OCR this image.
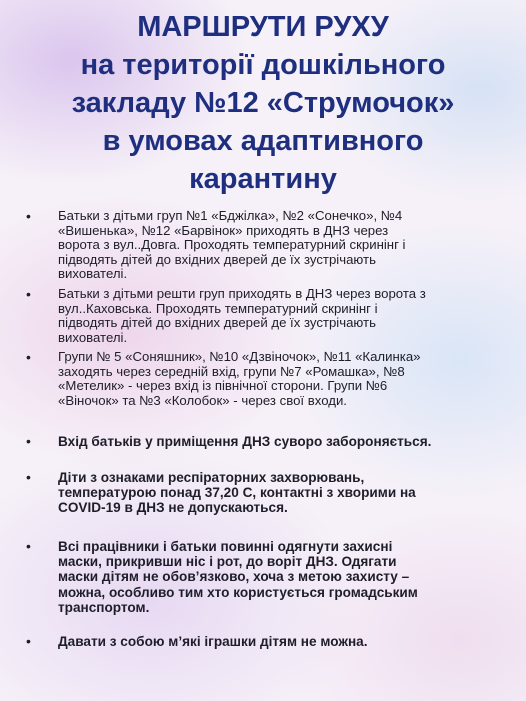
МАРШРУТИ РУХУ
на території дошкільного
закладу №12 «Струмочок»
в умовах адаптивного
карантину
•	Батьки з дітьми груп №1 «Бджілка», №2 «Сонечко», №4
«Вишенька», №12 «Барвінок» приходять в ДНЗ через
ворота з вул..Довга. Проходять температурний скринінг і
підводять дітей до вхідних дверей де їх зустрічають
вихователі.
•	Батьки з дітьми решти груп приходять в ДНЗ через ворота з
вул..Каховська. Проходять температурний скринінг і
підводять дітей до вхідних дверей де їх зустрічають
вихователі.
•	Групи № 5 «Соняшник», №10 «Дзвіночок», №11 «Калинка»
заходять через середній вхід, групи №7 «Ромашка», №8
«Метелик» - через вхід із північної сторони. Групи №6
«Віночок» та №3 «Колобок» - через свої входи.
•	Вхід батьків у приміщення ДНЗ суворо забороняється.
•	Діти з ознаками респіраторних захворювань,
температурою понад 37,20 С, контактні з хворими на
COVID-19 в ДНЗ не допускаються.
•	Всі працівники і батьки повинні одягнути захисні
маски, прикривши ніс і рот, до воріт ДНЗ. Одягати
маски дітям не обов’язково, хоча з метою захисту –
можна, особливо тим хто користується громадським
транспортом.
•	Давати з собою м’які іграшки дітям не можна.
